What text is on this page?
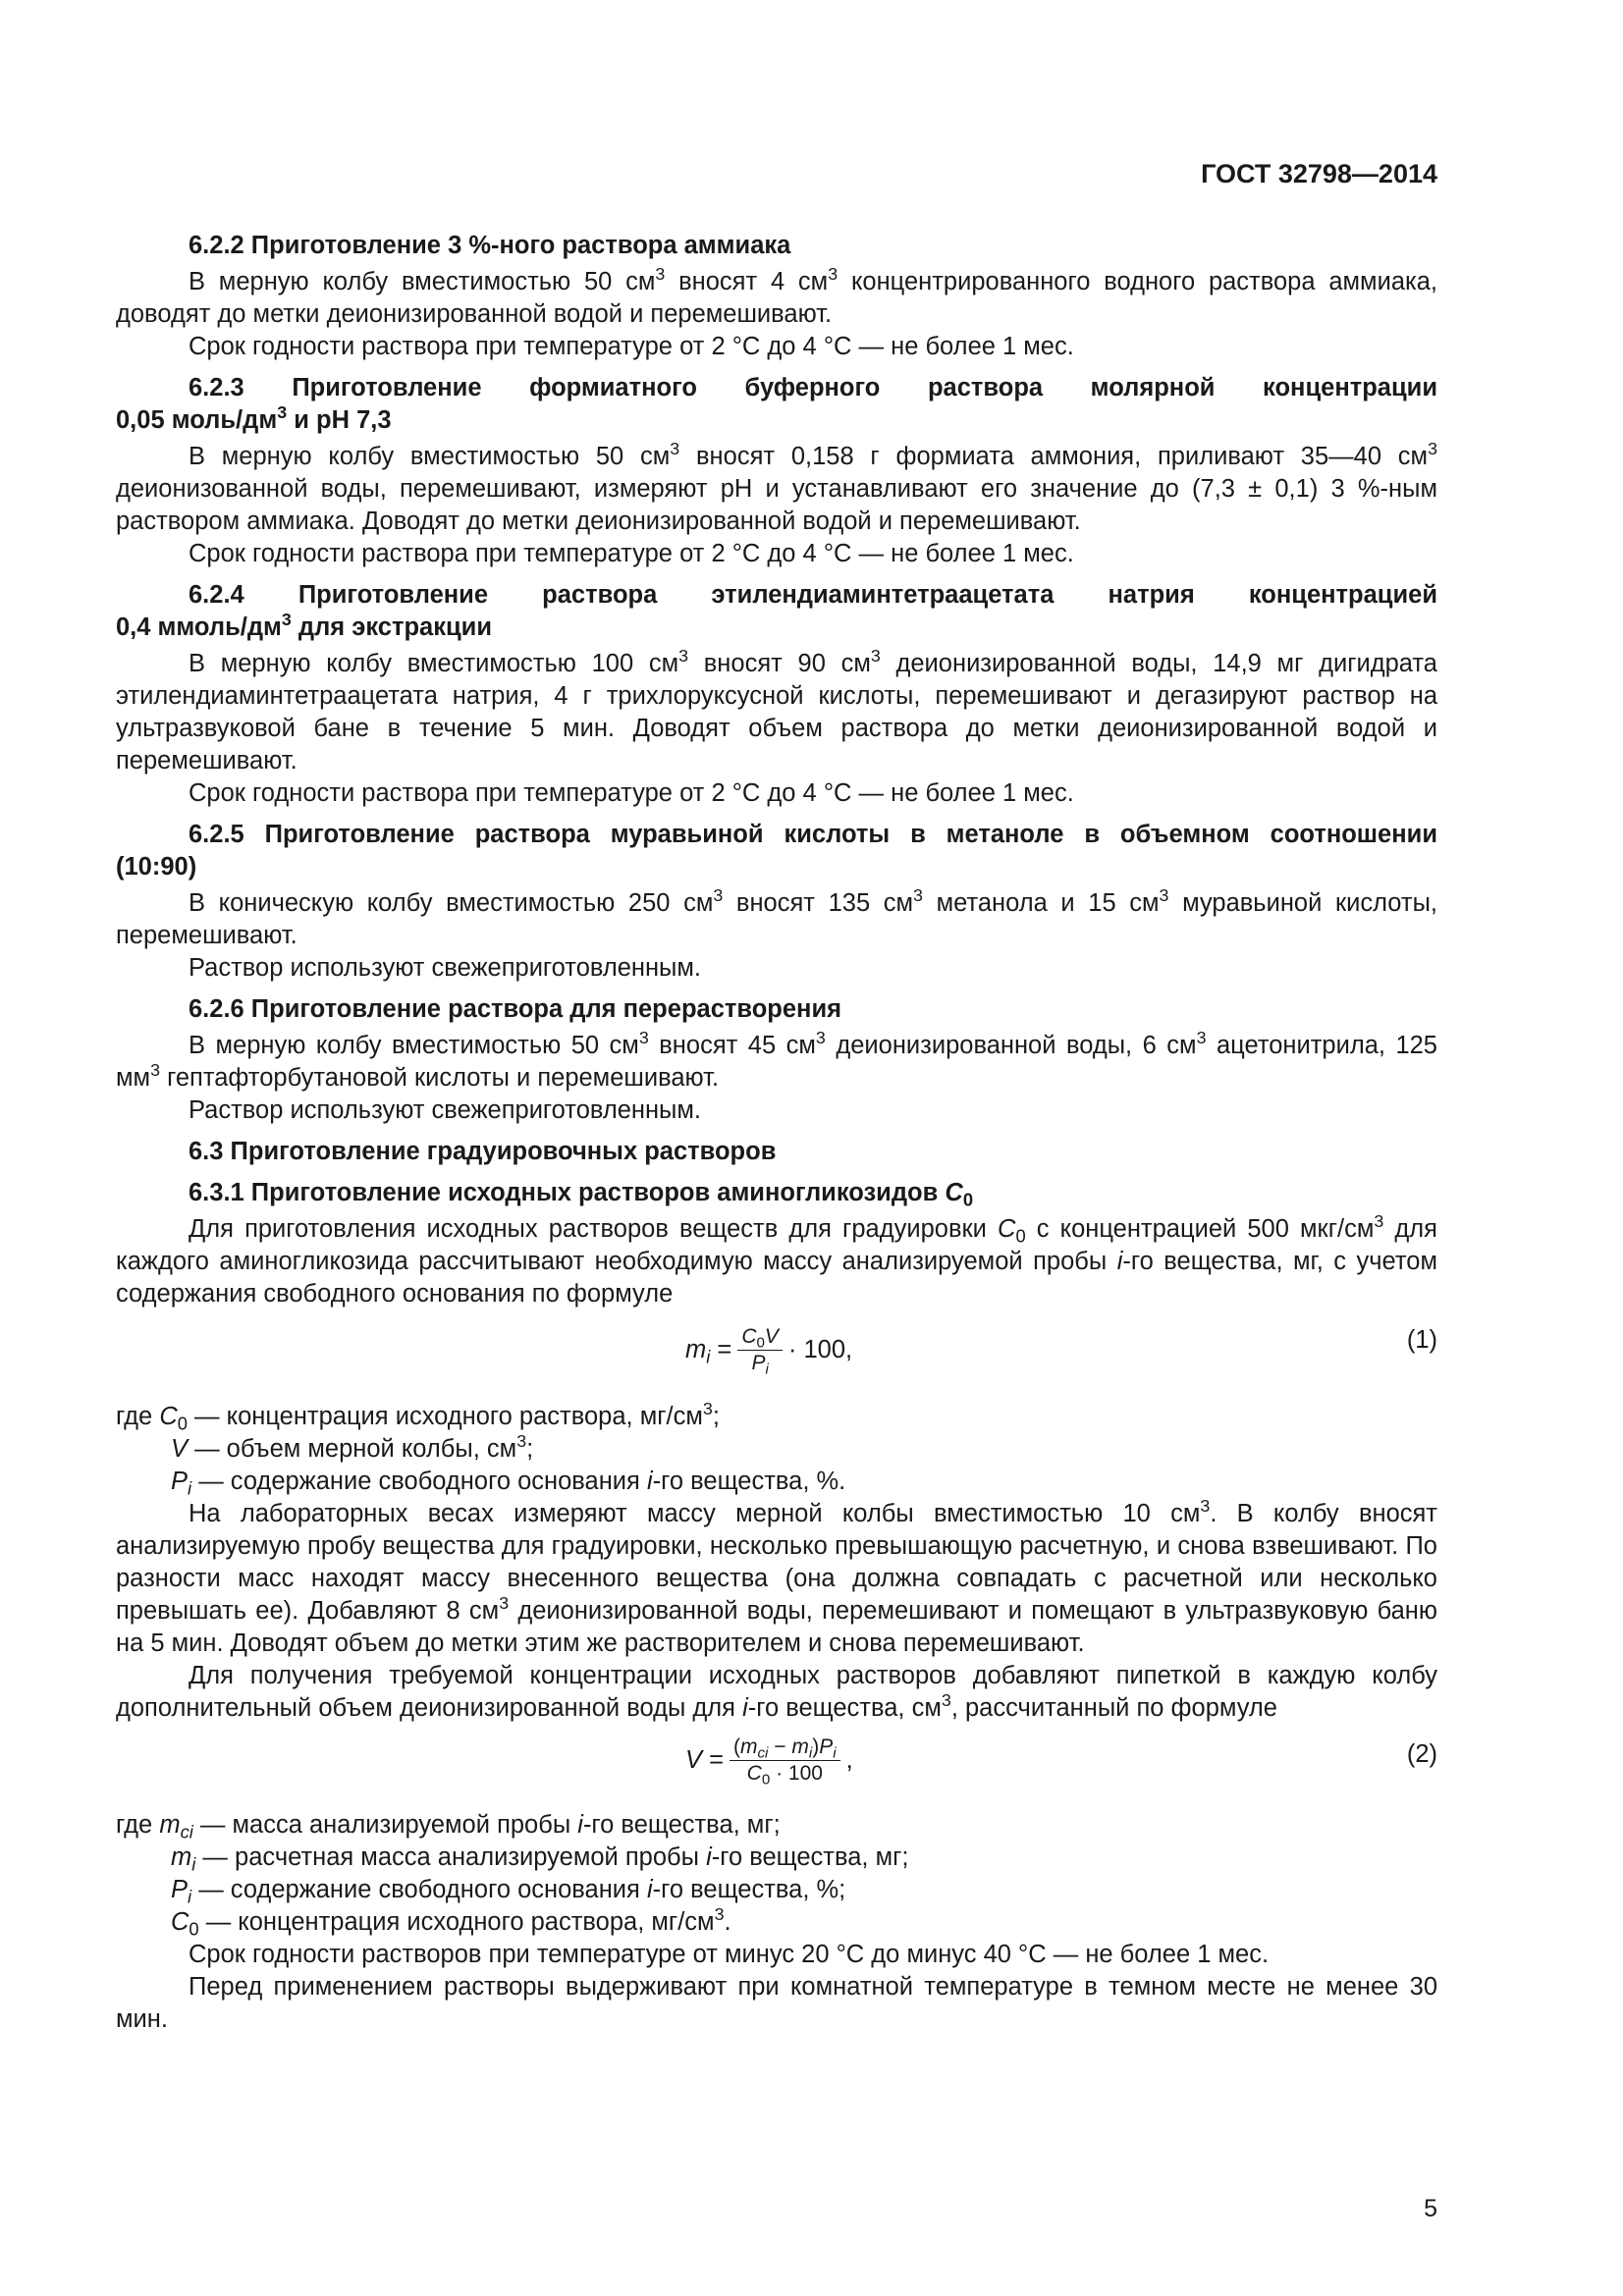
ГОСТ 32798—2014
6.2.2 Приготовление 3 %-ного раствора аммиака

В мерную колбу вместимостью 50 $см^3$ вносят 4 $см^3$ концентрированного водного раствора аммиака, доводят до метки деионизированной водой и перемешивают.

Срок годности раствора при температуре от 2 °С до 4 °С — не более 1 мес.

6.2.3 Приготовление формиатного буферного раствора молярной концентрации

0,05 моль/$дм^3$ и рН 7,3

В мерную колбу вместимостью 50 $см^3$ вносят 0,158 г формиата аммония, приливают 35—40 $см^3$ деионизованной воды, перемешивают, измеряют рН и устанавливают его значение до (7,3 ± 0,1) 3 %-ным раствором аммиака. Доводят до метки деионизированной водой и перемешивают.

Срок годности раствора при температуре от 2 °С до 4 °С — не более 1 мес.

6.2.4 Приготовление раствора этилендиаминтетраацетата натрия концентрацией

0,4 ммоль/$дм^3$ для экстракции

В мерную колбу вместимостью 100 $см^3$ вносят 90 $см^3$ деионизированной воды, 14,9 мг дигидрата этилендиаминтетраацетата натрия, 4 г трихлоруксусной кислоты, перемешивают и дегазируют раствор на ультразвуковой бане в течение 5 мин. Доводят объем раствора до метки деионизированной водой и перемешивают.

Срок годности раствора при температуре от 2 °С до 4 °С — не более 1 мес.

6.2.5 Приготовление раствора муравьиной кислоты в метаноле в объемном соотношении

(10:90)

В коническую колбу вместимостью 250 $см^3$ вносят 135 $см^3$ метанола и 15 $см^3$ муравьиной кислоты, перемешивают.

Раствор используют свежеприготовленным.

6.2.6 Приготовление раствора для перерастворения

В мерную колбу вместимостью 50 $см^3$ вносят 45 $см^3$ деионизированной воды, 6 $см^3$ ацетонитрила, 125 $мм^3$ гептафторбутановой кислоты и перемешивают.

Раствор используют свежеприготовленным.

6.3 Приготовление градуировочных растворов
6.3.1 Приготовление исходных растворов аминогликозидов $C_0$

Для приготовления исходных растворов веществ для градуировки $C_0$ с концентрацией 500 мкг/$см^3$ для каждого аминогликозида рассчитывают необходимую массу анализируемой пробы i-го вещества, мг, с учетом содержания свободного основания по формуле

$m_i = \frac{C_0V}{P_i} \cdot 100$,	(1)
где $C_0$ — концентрация исходного раствора, $мг/см^3$;
V — объем мерной колбы, $см^3$;
$P_i$ — содержание свободного основания i-го вещества, %.

На лабораторных весах измеряют массу мерной колбы вместимостью 10 $см^3$. В колбу вносят анализируемую пробу вещества для градуировки, несколько превышающую расчетную, и снова взвешивают. По разности масс находят массу внесенного вещества (она должна совпадать с расчетной или несколько превышать ее). Добавляют 8 $см^3$ деионизированной воды, перемешивают и помещают в ультразвуковую баню на 5 мин. Доводят объем до метки этим же растворителем и снова перемешивают.

Для получения требуемой концентрации исходных растворов добавляют пипеткой в каждую колбу дополнительный объем деионизированной воды для i-го вещества, $см^3$, рассчитанный по формуле

$V = \frac{(m_{ci} - m_i)P_i}{C_0 \cdot 100}$ ,	(2)
где $m_{ci}$ — масса анализируемой пробы i-го вещества, мг;
$m_i$ — расчетная масса анализируемой пробы i-го вещества, мг;
$P_i$ — содержание свободного основания i-го вещества, %;
$C_0$ — концентрация исходного раствора, $мг/см^3$.

Срок годности растворов при температуре от минус 20 °С до минус 40 °С — не более 1 мес.

Перед применением растворы выдерживают при комнатной температуре в темном месте не менее 30 мин.

5
